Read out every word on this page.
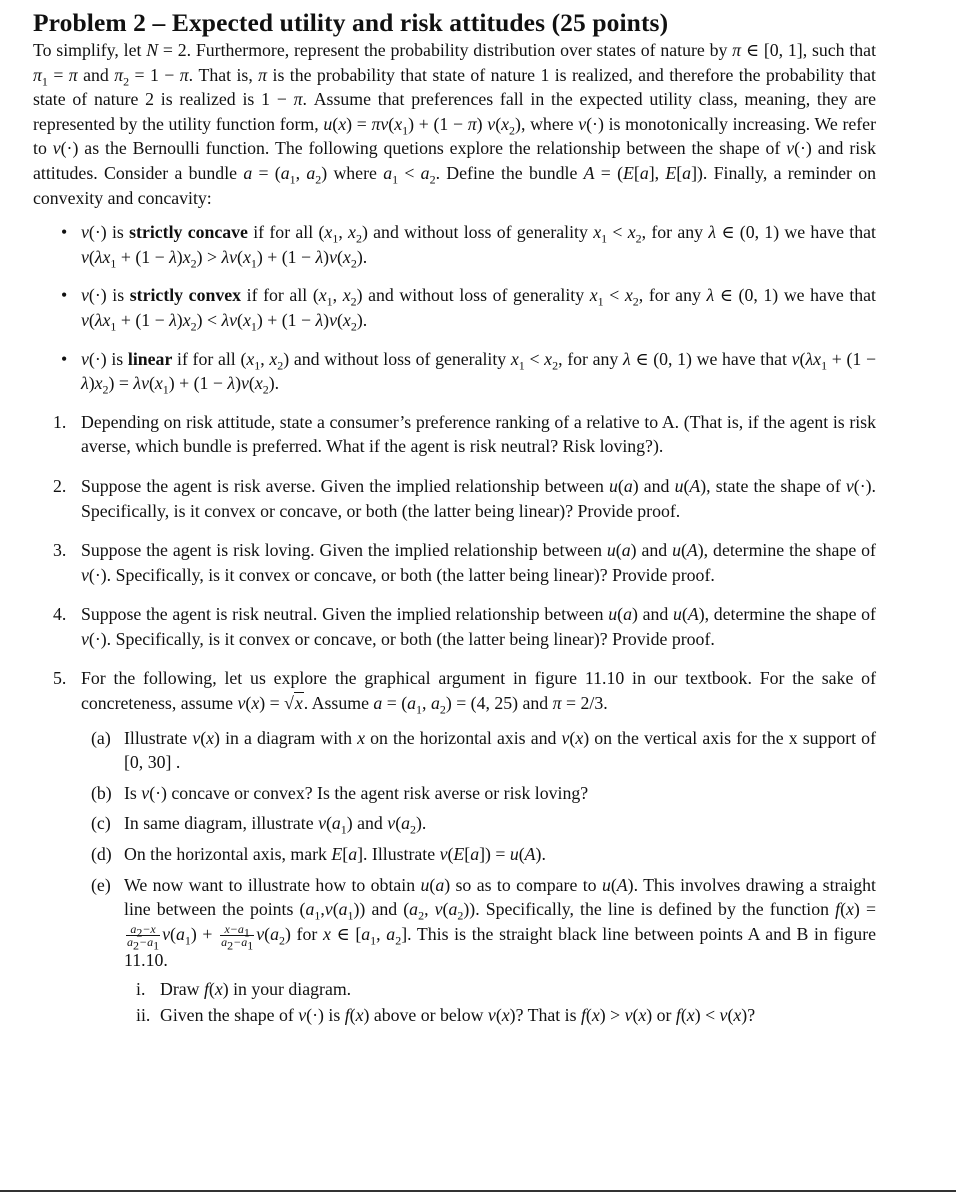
Problem 2 – Expected utility and risk attitudes (25 points)
To simplify, let N = 2. Furthermore, represent the probability distribution over states of nature by π ∈ [0, 1], such that $\pi_1 = \pi$ and $\pi_2 = 1 - \pi$. That is, π is the probability that state of nature 1 is realized, and therefore the probability that state of nature 2 is realized is 1 − π. Assume that preferences fall in the expected utility class, meaning, they are represented by the utility function form, $u(x) = \pi v(x_1) + (1 - \pi)$ $v(x_2)$, where v(·) is monotonically increasing. We refer to v(·) as the Bernoulli function. The following quetions explore the relationship between the shape of v(·) and risk attitudes. Consider a bundle $a = (a_1$, $a_2$) where $a_1 < a_2$. Define the bundle A = (E[a], E[a]). Finally, a reminder on convexity and concavity:
• v(·) is strictly concave if for all ($x_1$, $x_2$) and without loss of generality $x_1 < x_2$, for any λ ∈ (0, 1) we have that $v(\lambda x_1 + (1 - \lambda)x_2) > \lambda v(x_1) + (1 - \lambda)v(x_2)$.
• v(·) is strictly convex if for all ($x_1$, $x_2$) and without loss of generality $x_1 < x_2$, for any λ ∈ (0, 1) we have that $v(\lambda x_1 + (1 - \lambda)x_2) < \lambda v(x_1) + (1 - \lambda)v(x_2)$.
• v(·) is linear if for all ($x_1$, $x_2$) and without loss of generality $x_1 < x_2$, for any λ ∈ (0, 1) we have that $v(\lambda x_1 + (1 - \lambda)x_2) = \lambda v(x_1) + (1 - \lambda)v(x_2)$.
1. Depending on risk attitude, state a consumer’s preference ranking of a relative to A. (That is, if the agent is risk averse, which bundle is preferred. What if the agent is risk neutral? Risk loving?).
2. Suppose the agent is risk averse. Given the implied relationship between u(a) and u(A), state the shape of v(·). Specifically, is it convex or concave, or both (the latter being linear)? Provide proof.
3. Suppose the agent is risk loving. Given the implied relationship between u(a) and u(A), determine the shape of v(·). Specifically, is it convex or concave, or both (the latter being linear)? Provide proof.
4. Suppose the agent is risk neutral. Given the implied relationship between u(a) and u(A), determine the shape of v(·). Specifically, is it convex or concave, or both (the latter being linear)? Provide proof.
5. For the following, let us explore the graphical argument in figure 11.10 in our textbook. For the sake of concreteness, assume v(x) = √x. Assume $a = (a_1$, $a_2) = (4$, 25) and π = 2/3.
(a) Illustrate v(x) in a diagram with x on the horizontal axis and v(x) on the vertical axis for the x support of [0, 30] .
(b) Is v(·) concave or convex? Is the agent risk averse or risk loving?
(c) In same diagram, illustrate $v(a_1)$ and $v(a_2)$.
(d) On the horizontal axis, mark E[a]. Illustrate v(E[a]) = u(A).
(e) We now want to illustrate how to obtain u(a) so as to compare to u(A). This involves drawing a straight line between the points $(a_1,v(a_1))$ and ($a_2$, $v(a_2)$). Specifically, the line is defined by the function f(x) =
$\frac{a_2-x}{a_2-a_1} v(a_1) + \frac{x-a_1}{a_2-a_1} v(a_2)$ for x ∈ [$a_1$, $a_2$]. This is the straight black line between points A and B in figure 11.10.
i. Draw f(x) in your diagram.
ii. Given the shape of v(·) is f(x) above or below v(x)? That is f(x) > v(x) or f(x) < v(x)?
